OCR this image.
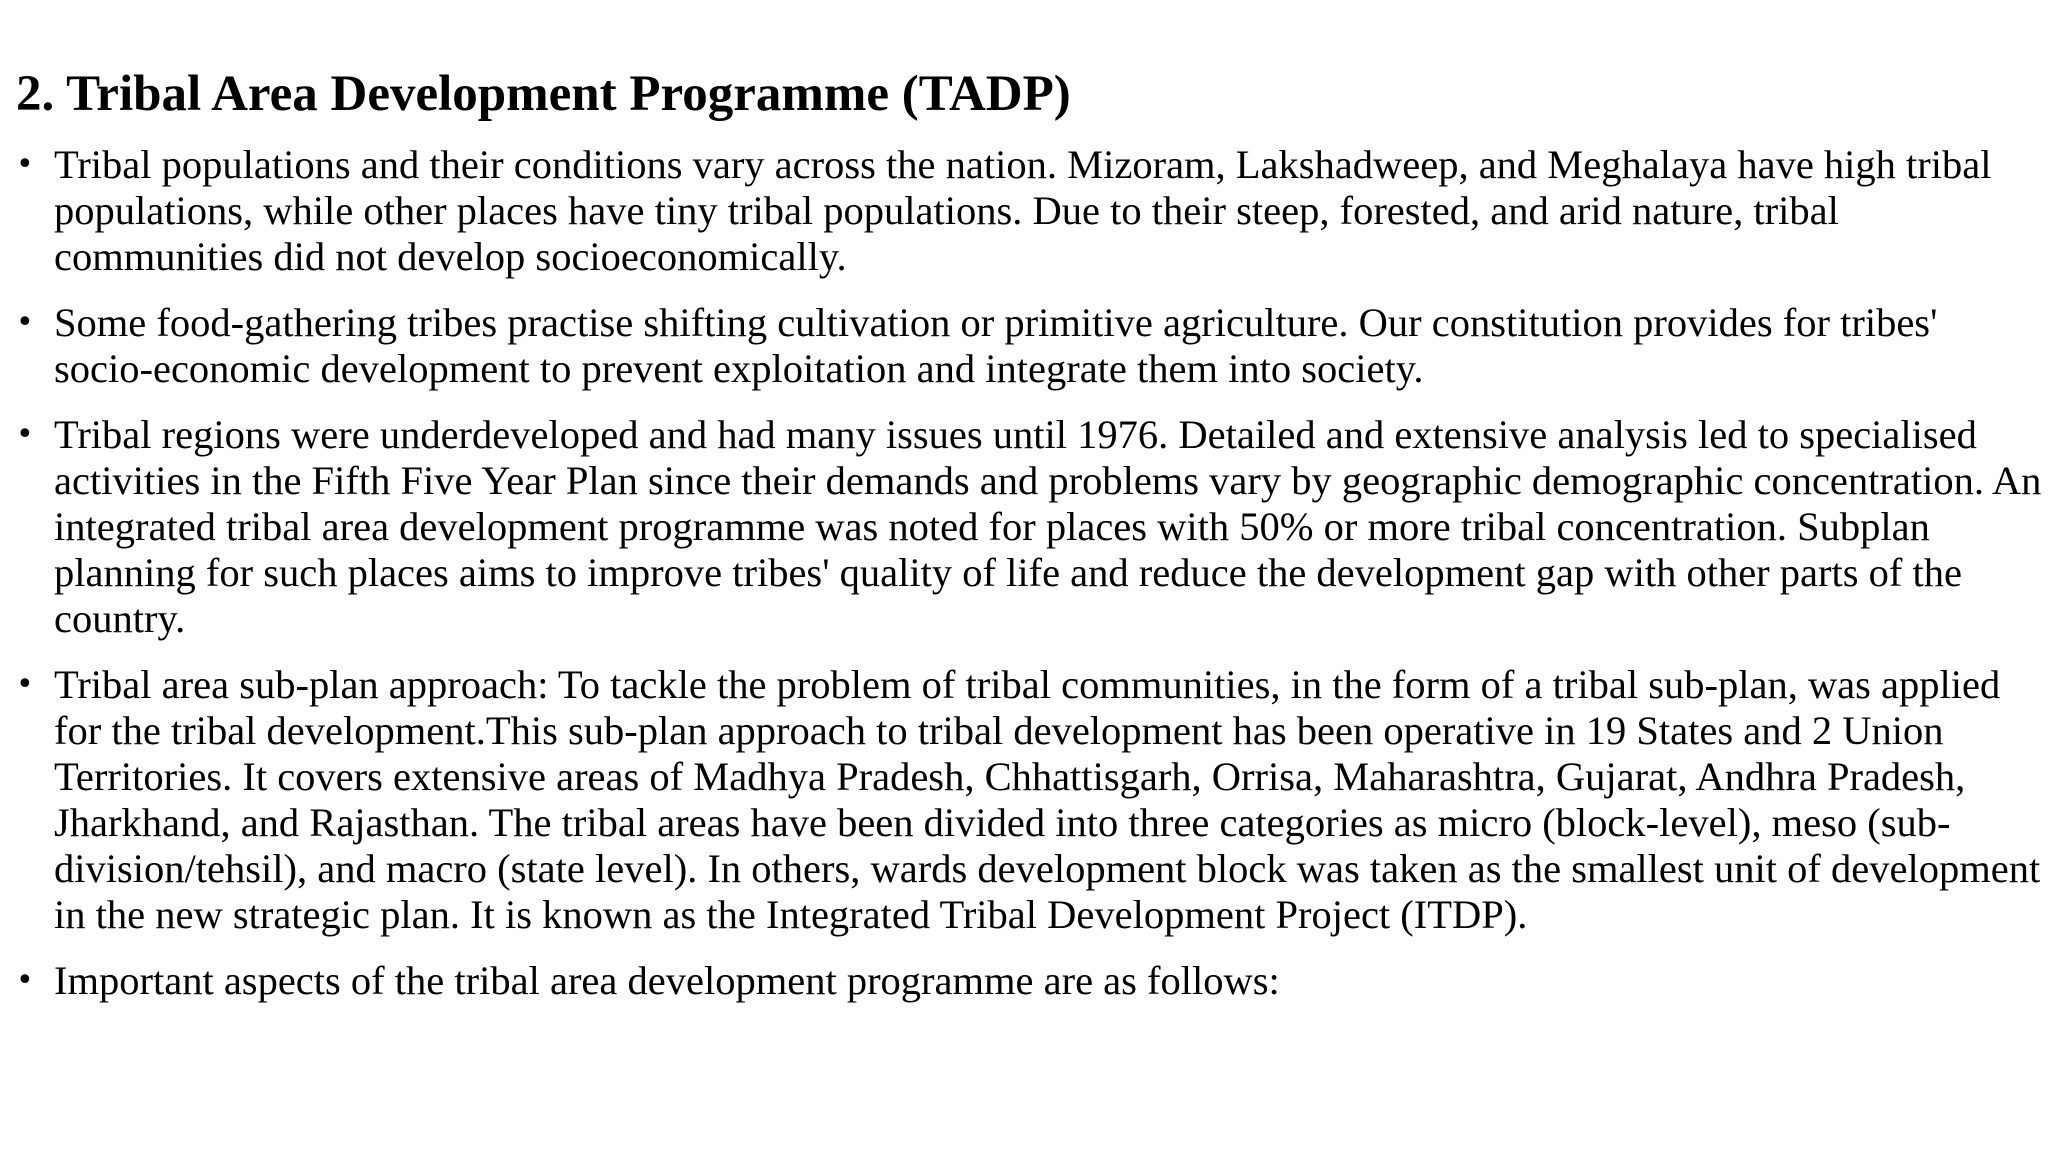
2. Tribal Area Development Programme (TADP)
• Tribal populations and their conditions vary across the nation. Mizoram, Lakshadweep, and Meghalaya have high tribal populations, while other places have tiny tribal populations. Due to their steep, forested, and arid nature, tribal communities did not develop socioeconomically.
• Some food-gathering tribes practise shifting cultivation or primitive agriculture. Our constitution provides for tribes' socio-economic development to prevent exploitation and integrate them into society.
• Tribal regions were underdeveloped and had many issues until 1976. Detailed and extensive analysis led to specialised activities in the Fifth Five Year Plan since their demands and problems vary by geographic demographic concentration. An integrated tribal area development programme was noted for places with 50% or more tribal concentration. Subplan planning for such places aims to improve tribes' quality of life and reduce the development gap with other parts of the country.
• Tribal area sub-plan approach: To tackle the problem of tribal communities, in the form of a tribal sub-plan, was applied for the tribal development.This sub-plan approach to tribal development has been operative in 19 States and 2 Union Territories. It covers extensive areas of Madhya Pradesh, Chhattisgarh, Orrisa, Maharashtra, Gujarat, Andhra Pradesh, Jharkhand, and Rajasthan. The tribal areas have been divided into three categories as micro (block-level), meso (sub-division/tehsil), and macro (state level). In others, wards development block was taken as the smallest unit of development in the new strategic plan. It is known as the Integrated Tribal Development Project (ITDP).
• Important aspects of the tribal area development programme are as follows:
